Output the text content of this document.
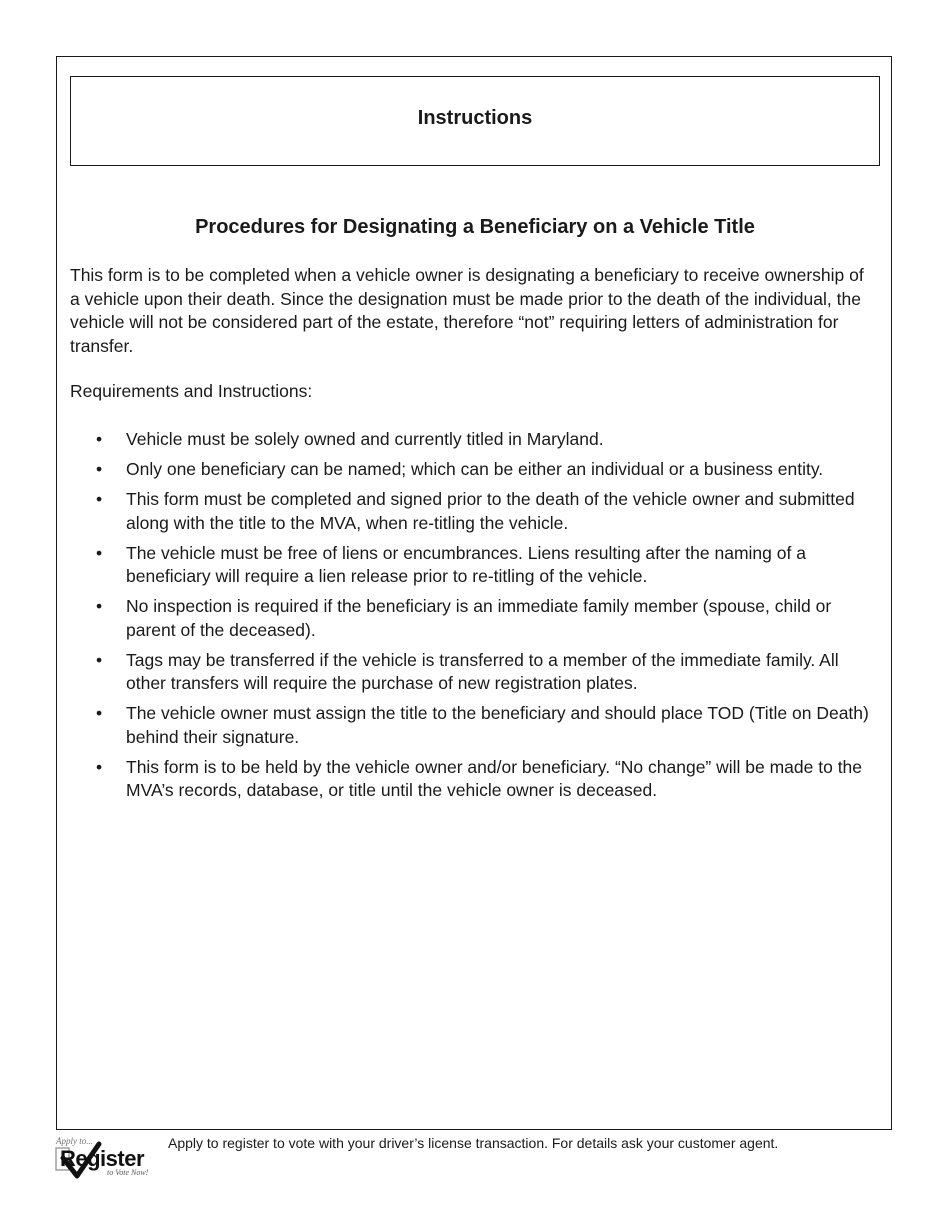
Instructions
Procedures for Designating a Beneficiary on a Vehicle Title

This form is to be completed when a vehicle owner is designating a beneficiary to receive ownership of a vehicle upon their death. Since the designation must be made prior to the death of the individual, the vehicle will not be considered part of the estate, therefore “not” requiring letters of administration for transfer.

Requirements and Instructions:

• Vehicle must be solely owned and currently titled in Maryland.
• Only one beneficiary can be named; which can be either an individual or a business entity.
• This form must be completed and signed prior to the death of the vehicle owner and submitted along with the title to the MVA, when re-titling the vehicle.
• The vehicle must be free of liens or encumbrances. Liens resulting after the naming of a beneficiary will require a lien release prior to re-titling of the vehicle.
• No inspection is required if the beneficiary is an immediate family member (spouse, child or parent of the deceased).
• Tags may be transferred if the vehicle is transferred to a member of the immediate family. All other transfers will require the purchase of new registration plates.
• The vehicle owner must assign the title to the beneficiary and should place TOD (Title on Death) behind their signature.
• This form is to be held by the vehicle owner and/or beneficiary. “No change” will be made to the MVA’s records, database, or title until the vehicle owner is deceased.
Apply to...
Register
to Vote Now!
Apply to register to vote with your driver’s license transaction. For details ask your customer agent.
